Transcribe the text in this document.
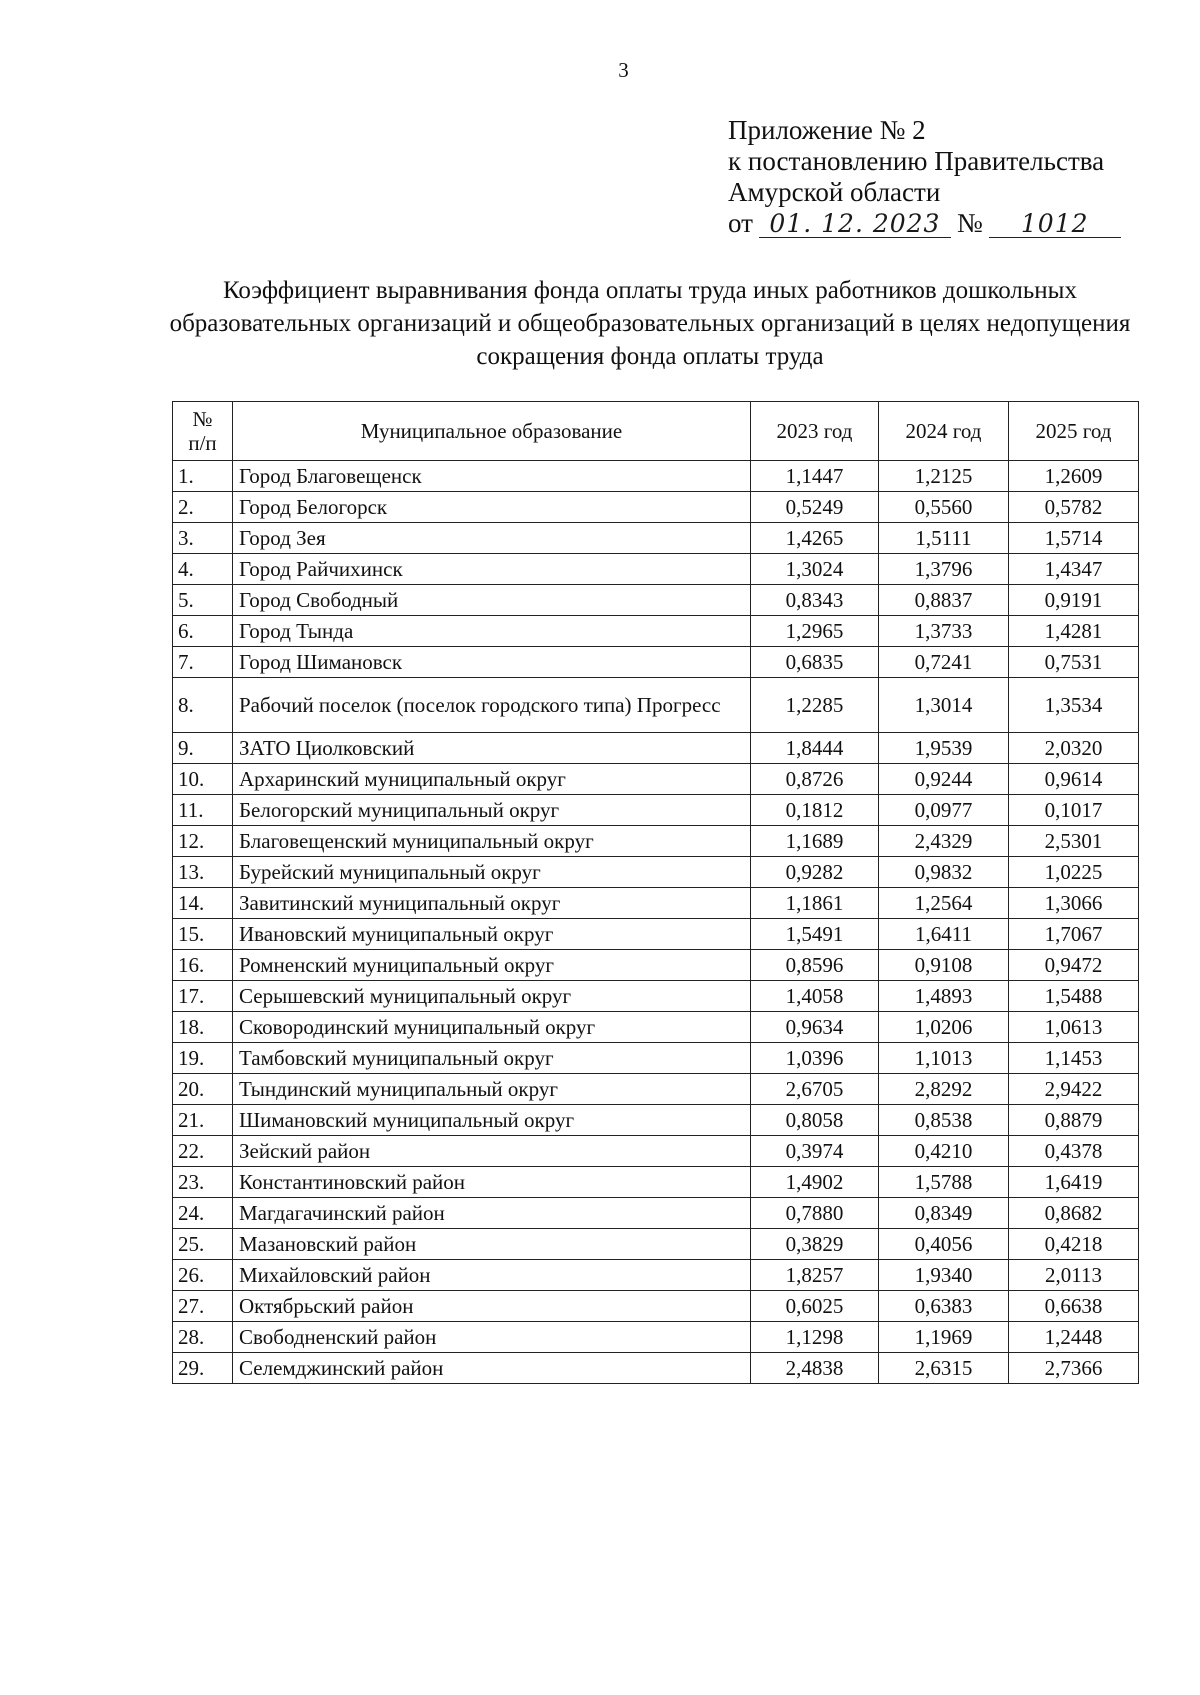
3
Приложение № 2
к постановлению Правительства
Амурской области
от 01. 12. 2023 № 1012
Коэффициент выравнивания фонда оплаты труда иных работников дошкольных образовательных организаций и общеобразовательных организаций в целях недопущения сокращения фонда оплаты труда
№
п/п	Муниципальное образование	2023 год	2024 год	2025 год
1.	Город Благовещенск	1,1447	1,2125	1,2609
2.	Город Белогорск	0,5249	0,5560	0,5782
3.	Город Зея	1,4265	1,5111	1,5714
4.	Город Райчихинск	1,3024	1,3796	1,4347
5.	Город Свободный	0,8343	0,8837	0,9191
6.	Город Тында	1,2965	1,3733	1,4281
7.	Город Шимановск	0,6835	0,7241	0,7531
8.	Рабочий поселок (поселок городского типа) Прогресс	1,2285	1,3014	1,3534
9.	ЗАТО Циолковский	1,8444	1,9539	2,0320
10.	Архаринский муниципальный округ	0,8726	0,9244	0,9614
11.	Белогорский муниципальный округ	0,1812	0,0977	0,1017
12.	Благовещенский муниципальный округ	1,1689	2,4329	2,5301
13.	Бурейский муниципальный округ	0,9282	0,9832	1,0225
14.	Завитинский муниципальный округ	1,1861	1,2564	1,3066
15.	Ивановский муниципальный округ	1,5491	1,6411	1,7067
16.	Ромненский муниципальный округ	0,8596	0,9108	0,9472
17.	Серышевский муниципальный округ	1,4058	1,4893	1,5488
18.	Сковородинский муниципальный округ	0,9634	1,0206	1,0613
19.	Тамбовский муниципальный округ	1,0396	1,1013	1,1453
20.	Тындинский муниципальный округ	2,6705	2,8292	2,9422
21.	Шимановский муниципальный округ	0,8058	0,8538	0,8879
22.	Зейский район	0,3974	0,4210	0,4378
23.	Константиновский район	1,4902	1,5788	1,6419
24.	Магдагачинский район	0,7880	0,8349	0,8682
25.	Мазановский район	0,3829	0,4056	0,4218
26.	Михайловский район	1,8257	1,9340	2,0113
27.	Октябрьский район	0,6025	0,6383	0,6638
28.	Свободненский район	1,1298	1,1969	1,2448
29.	Селемджинский район	2,4838	2,6315	2,7366
